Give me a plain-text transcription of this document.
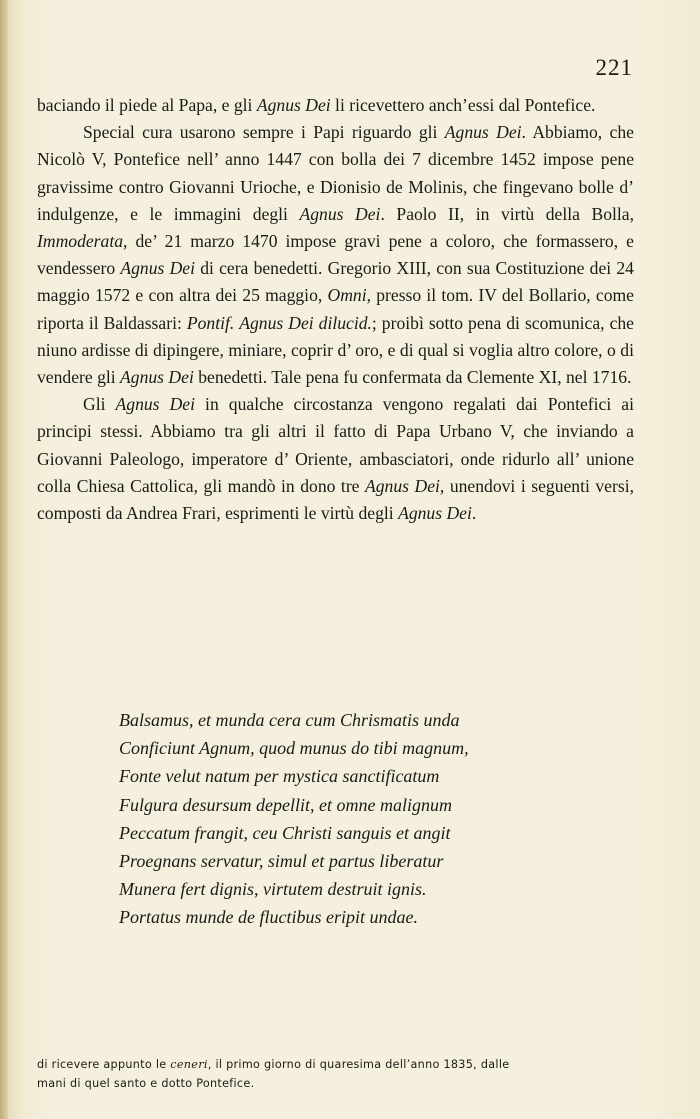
221

baciando il piede al Papa, e gli Agnus Dei li ricevettero anch’essi dal Pontefice.

Special cura usarono sempre i Papi riguardo gli Agnus Dei. Abbiamo, che Nicolò V, Pontefice nell’ anno 1447 con bolla dei 7 dicembre 1452 impose pene gravissime contro Giovanni Urioche, e Dionisio de Molinis, che fingevano bolle d’ indulgenze, e le immagini degli Agnus Dei. Paolo II, in virtù della Bolla, Immoderata, de’ 21 marzo 1470 impose gravi pene a coloro, che formassero, e vendessero Agnus Dei di cera benedetti. Gregorio XIII, con sua Costituzione dei 24 maggio 1572 e con altra dei 25 maggio, Omni, presso il tom. IV del Bollario, come riporta il Baldassari: Pontif. Agnus Dei dilucid.; proibì sotto pena di scomunica, che niuno ardisse di dipingere, miniare, coprir d’ oro, e di qual si voglia altro colore, o di vendere gli Agnus Dei benedetti. Tale pena fu confermata da Clemente XI, nel 1716.

Gli Agnus Dei in qualche circostanza vengono regalati dai Pontefici ai principi stessi. Abbiamo tra gli altri il fatto di Papa Urbano V, che inviando a Giovanni Paleologo, imperatore d’ Oriente, ambasciatori, onde ridurlo all’ unione colla Chiesa Cattolica, gli mandò in dono tre Agnus Dei, unendovi i seguenti versi, composti da Andrea Frari, esprimenti le virtù degli Agnus Dei.

Balsamus, et munda cera cum Chrismatis unda
Conficiunt Agnum, quod munus do tibi magnum,
Fonte velut natum per mystica sanctificatum
Fulgura desursum depellit, et omne malignum
Peccatum frangit, ceu Christi sanguis et angit
Proegnans servatur, simul et partus liberatur
Munera fert dignis, virtutem destruit ignis.
Portatus munde de fluctibus eripit undae.
di ricevere appunto le ceneri, il primo giorno di quaresima dell’anno 1835, dalle
mani di quel santo e dotto Pontefice.
